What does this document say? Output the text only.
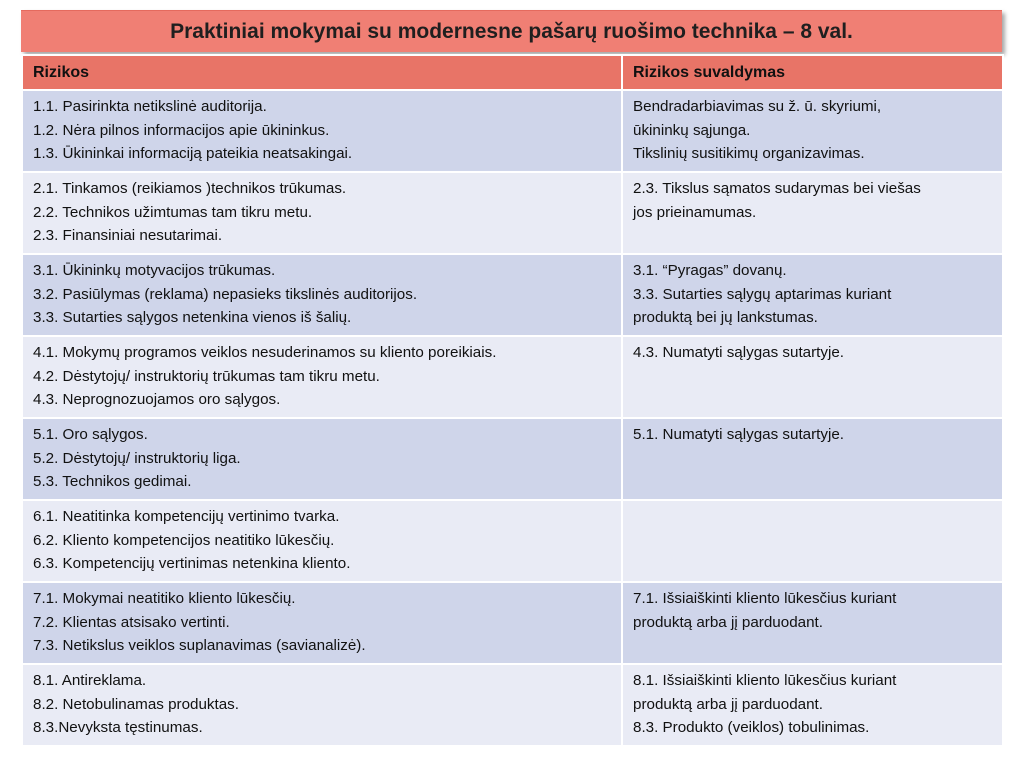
Praktiniai mokymai su modernesne pašarų ruošimo technika – 8 val.
Rizikos	Rizikos suvaldymas

1.1. Pasirinkta netikslinė auditorija.
1.2. Nėra pilnos informacijos apie ūkininkus.
1.3. Ūkininkai informaciją pateikia neatsakingai.	Bendradarbiavimas su ž. ū. skyriumi,
ūkininkų sąjunga.
Tikslinių susitikimų organizavimas.

2.1. Tinkamos (reikiamos )technikos trūkumas.
2.2. Technikos užimtumas tam tikru metu.
2.3. Finansiniai nesutarimai.	2.3. Tikslus sąmatos sudarymas bei viešas
jos prieinamumas.

3.1. Ūkininkų motyvacijos trūkumas.
3.2. Pasiūlymas (reklama) nepasieks tikslinės auditorijos.
3.3. Sutarties sąlygos netenkina vienos iš šalių.	3.1. “Pyragas” dovanų.
3.3. Sutarties sąlygų aptarimas kuriant
produktą bei jų lankstumas.

4.1. Mokymų programos veiklos nesuderinamos su kliento poreikiais.
4.2. Dėstytojų/ instruktorių trūkumas tam tikru metu.
4.3. Neprognozuojamos oro sąlygos.	4.3. Numatyti sąlygas sutartyje.

5.1. Oro sąlygos.
5.2. Dėstytojų/ instruktorių liga.
5.3. Technikos gedimai.	5.1. Numatyti sąlygas sutartyje.

6.1. Neatitinka kompetencijų vertinimo tvarka.
6.2. Kliento kompetencijos neatitiko lūkesčių.
6.3. Kompetencijų vertinimas netenkina kliento.	

7.1. Mokymai neatitiko kliento lūkesčių.
7.2. Klientas atsisako vertinti.
7.3. Netikslus veiklos suplanavimas (savianalizė).	7.1. Išsiaiškinti kliento lūkesčius kuriant
produktą arba jį parduodant.

8.1. Antireklama.
8.2. Netobulinamas produktas.
8.3.Nevyksta tęstinumas.	8.1. Išsiaiškinti kliento lūkesčius kuriant
produktą arba jį parduodant.
8.3. Produkto (veiklos) tobulinimas.
